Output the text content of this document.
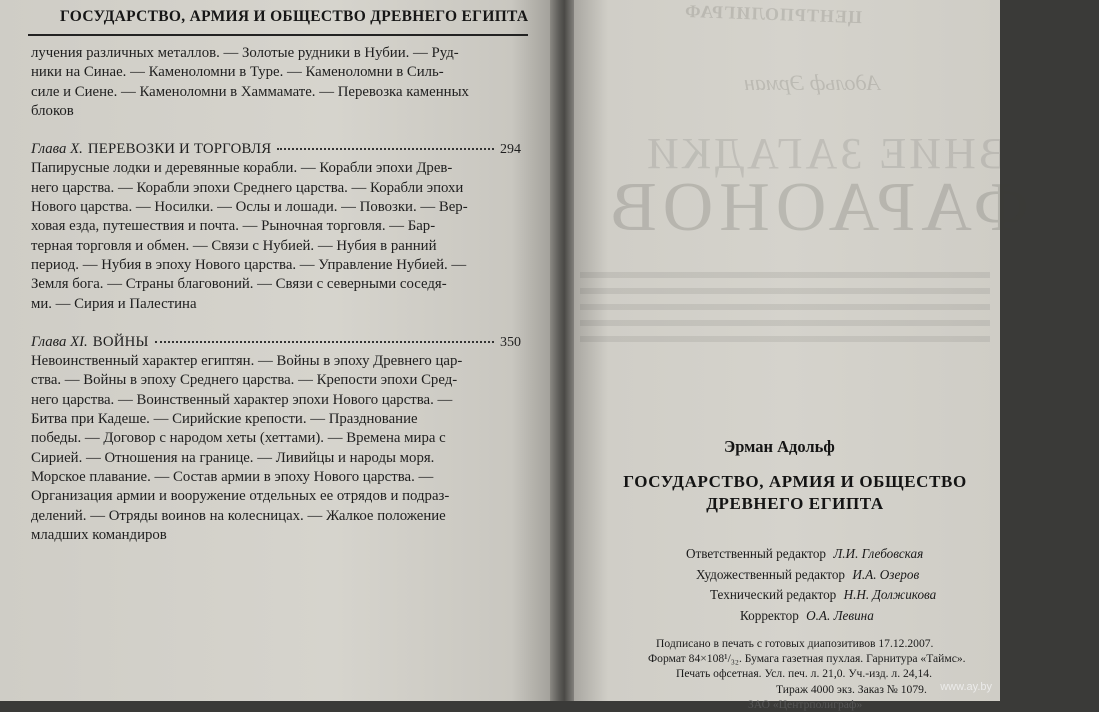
ГОСУДАРСТВО, АРМИЯ И ОБЩЕСТВО ДРЕВНЕГО ЕГИПТА
лучения различных металлов. — Золотые рудники в Нубии. — Руд-
ники на Синае. — Каменоломни в Туре. — Каменоломни в Силь-
силе и Сиене. — Каменоломни в Хаммамате. — Перевозка каменных
блоков
Глава X. ПЕРЕВОЗКИ И ТОРГОВЛЯ	294
Папирусные лодки и деревянные корабли. — Корабли эпохи Древ-
него царства. — Корабли эпохи Среднего царства. — Корабли эпохи
Нового царства. — Носилки. — Ослы и лошади. — Повозки. — Вер-
ховая езда, путешествия и почта. — Рыночная торговля. — Бар-
терная торговля и обмен. — Связи с Нубией. — Нубия в ранний
период. — Нубия в эпоху Нового царства. — Управление Нубией. —
Земля бога. — Страны благовоний. — Связи с северными соседя-
ми. — Сирия и Палестина
Глава XI. ВОЙНЫ	350
Невоинственный характер египтян. — Войны в эпоху Древнего цар-
ства. — Войны в эпоху Среднего царства. — Крепости эпохи Сред-
него царства. — Воинственный характер эпохи Нового царства. —
Битва при Кадеше. — Сирийские крепости. — Празднование
победы. — Договор с народом хеты (хеттами). — Времена мира с
Сирией. — Отношения на границе. — Ливийцы и народы моря.
Морское плавание. — Состав армии в эпоху Нового царства. —
Организация армии и вооружение отдельных ее отрядов и подраз-
делений. — Отряды воинов на колесницах. — Жалкое положение
младших командиров
ЦЕНТРПОЛИГРАФ
Адольф Эрман
ДРЕВНИЕ ЗАГАДКИ
ФАРАОНОВ
Эрман Адольф
ГОСУДАРСТВО, АРМИЯ И ОБЩЕСТВО
ДРЕВНЕГО ЕГИПТА
Ответственный редактор Л.И. Глебовская
Художественный редактор И.А. Озеров
Технический редактор Н.Н. Должикова
Корректор О.А. Левина
Подписано в печать с готовых диапозитивов 17.12.2007.
Формат 84×108¹/₃₂. Бумага газетная пухлая. Гарнитура «Таймс».
Печать офсетная. Усл. печ. л. 21,0. Уч.-изд. л. 24,14.
Тираж 4000 экз. Заказ № 1079.
ЗАО «Центрполиграф»
www.ay.by
